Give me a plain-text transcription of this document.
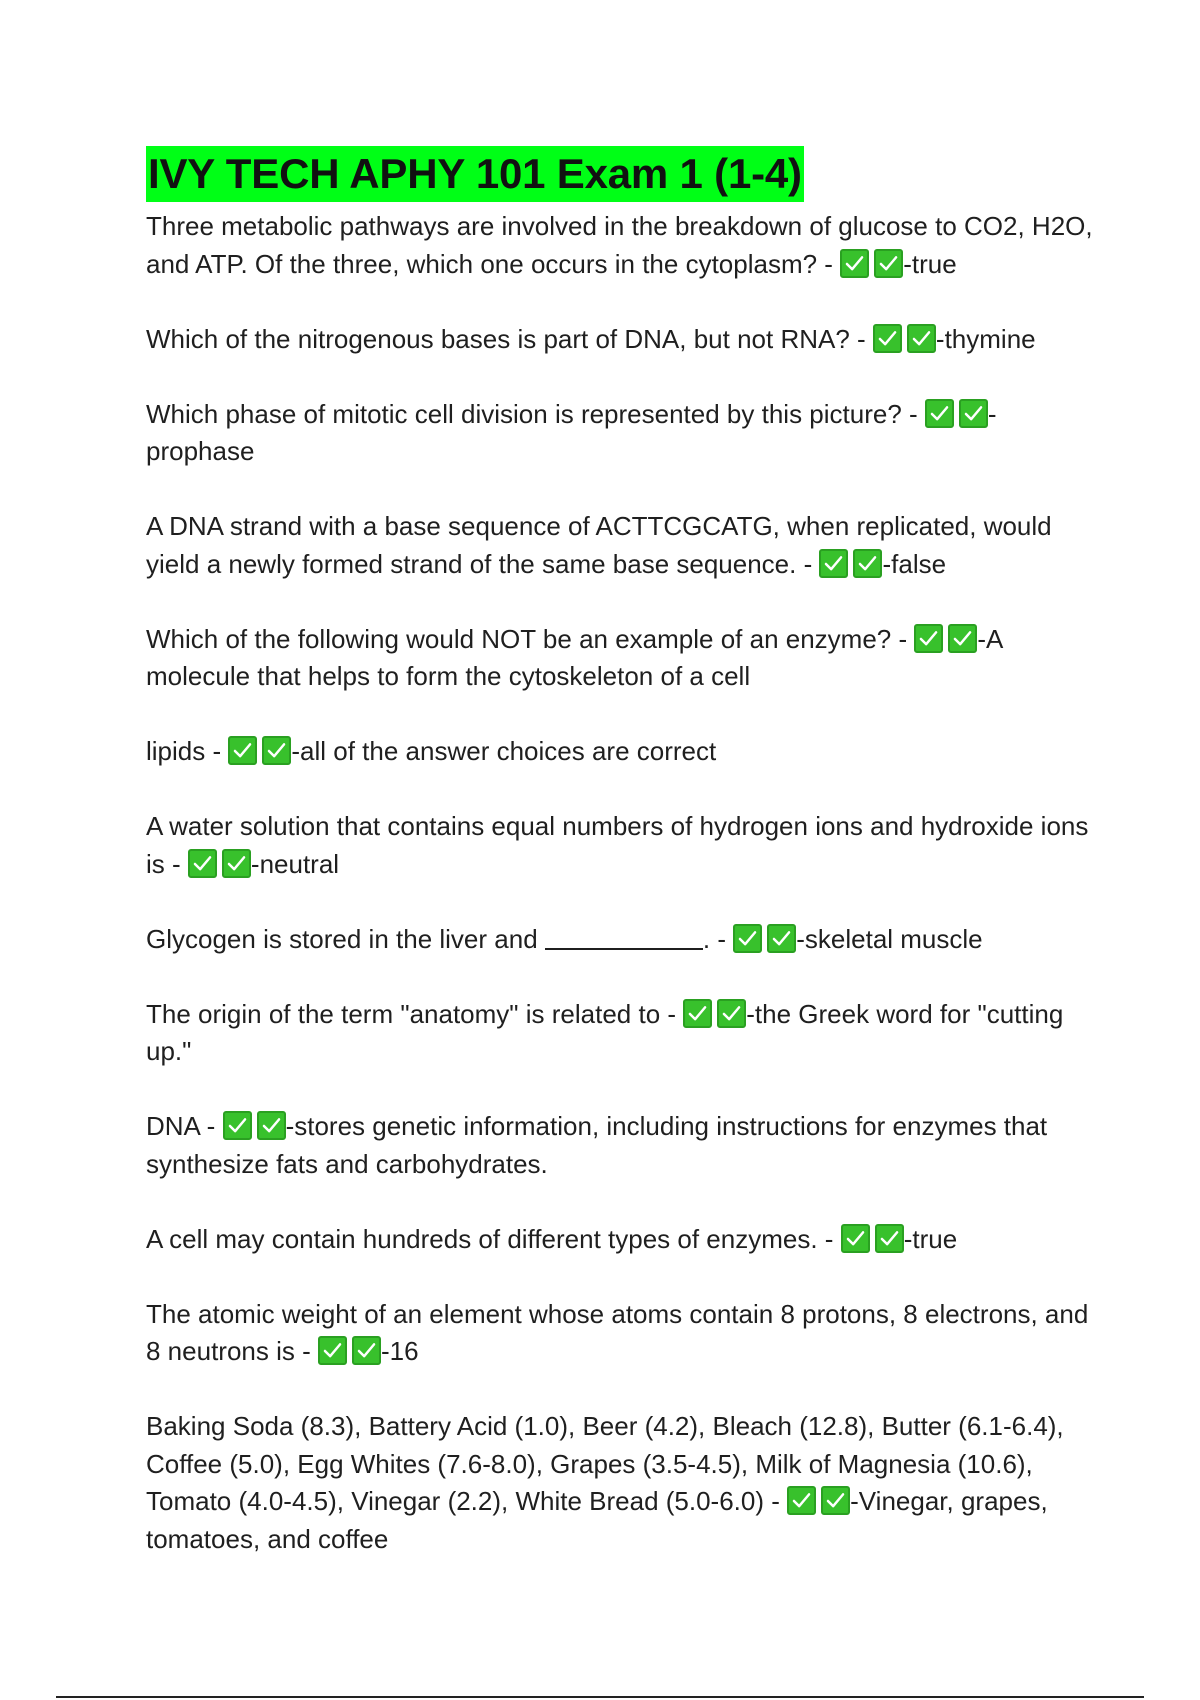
IVY TECH APHY 101 Exam 1 (1-4)

Three metabolic pathways are involved in the breakdown of glucose to CO2, H2O, and ATP. Of the three, which one occurs in the cytoplasm? -	-true

Which of the nitrogenous bases is part of DNA, but not RNA? -	-thymine

Which phase of mitotic cell division is represented by this picture? -	-prophase

A DNA strand with a base sequence of ACTTCGCATG, when replicated, would yield a newly formed strand of the same base sequence. -	-false

Which of the following would NOT be an example of an enzyme? -	-A molecule that helps to form the cytoskeleton of a cell

lipids -	-all of the answer choices are correct

A water solution that contains equal numbers of hydrogen ions and hydroxide ions is -	-neutral

Glycogen is stored in the liver and	. -	-skeletal muscle

The origin of the term "anatomy" is related to -	-the Greek word for "cutting up."

DNA -	-stores genetic information, including instructions for enzymes that synthesize fats and carbohydrates.

A cell may contain hundreds of different types of enzymes. -	-true

The atomic weight of an element whose atoms contain 8 protons, 8 electrons, and 8 neutrons is -	-16

Baking Soda (8.3), Battery Acid (1.0), Beer (4.2), Bleach (12.8), Butter (6.1-6.4), Coffee (5.0), Egg Whites (7.6-8.0), Grapes (3.5-4.5), Milk of Magnesia (10.6), Tomato (4.0-4.5), Vinegar (2.2), White Bread (5.0-6.0) -	-Vinegar, grapes, tomatoes, and coffee
